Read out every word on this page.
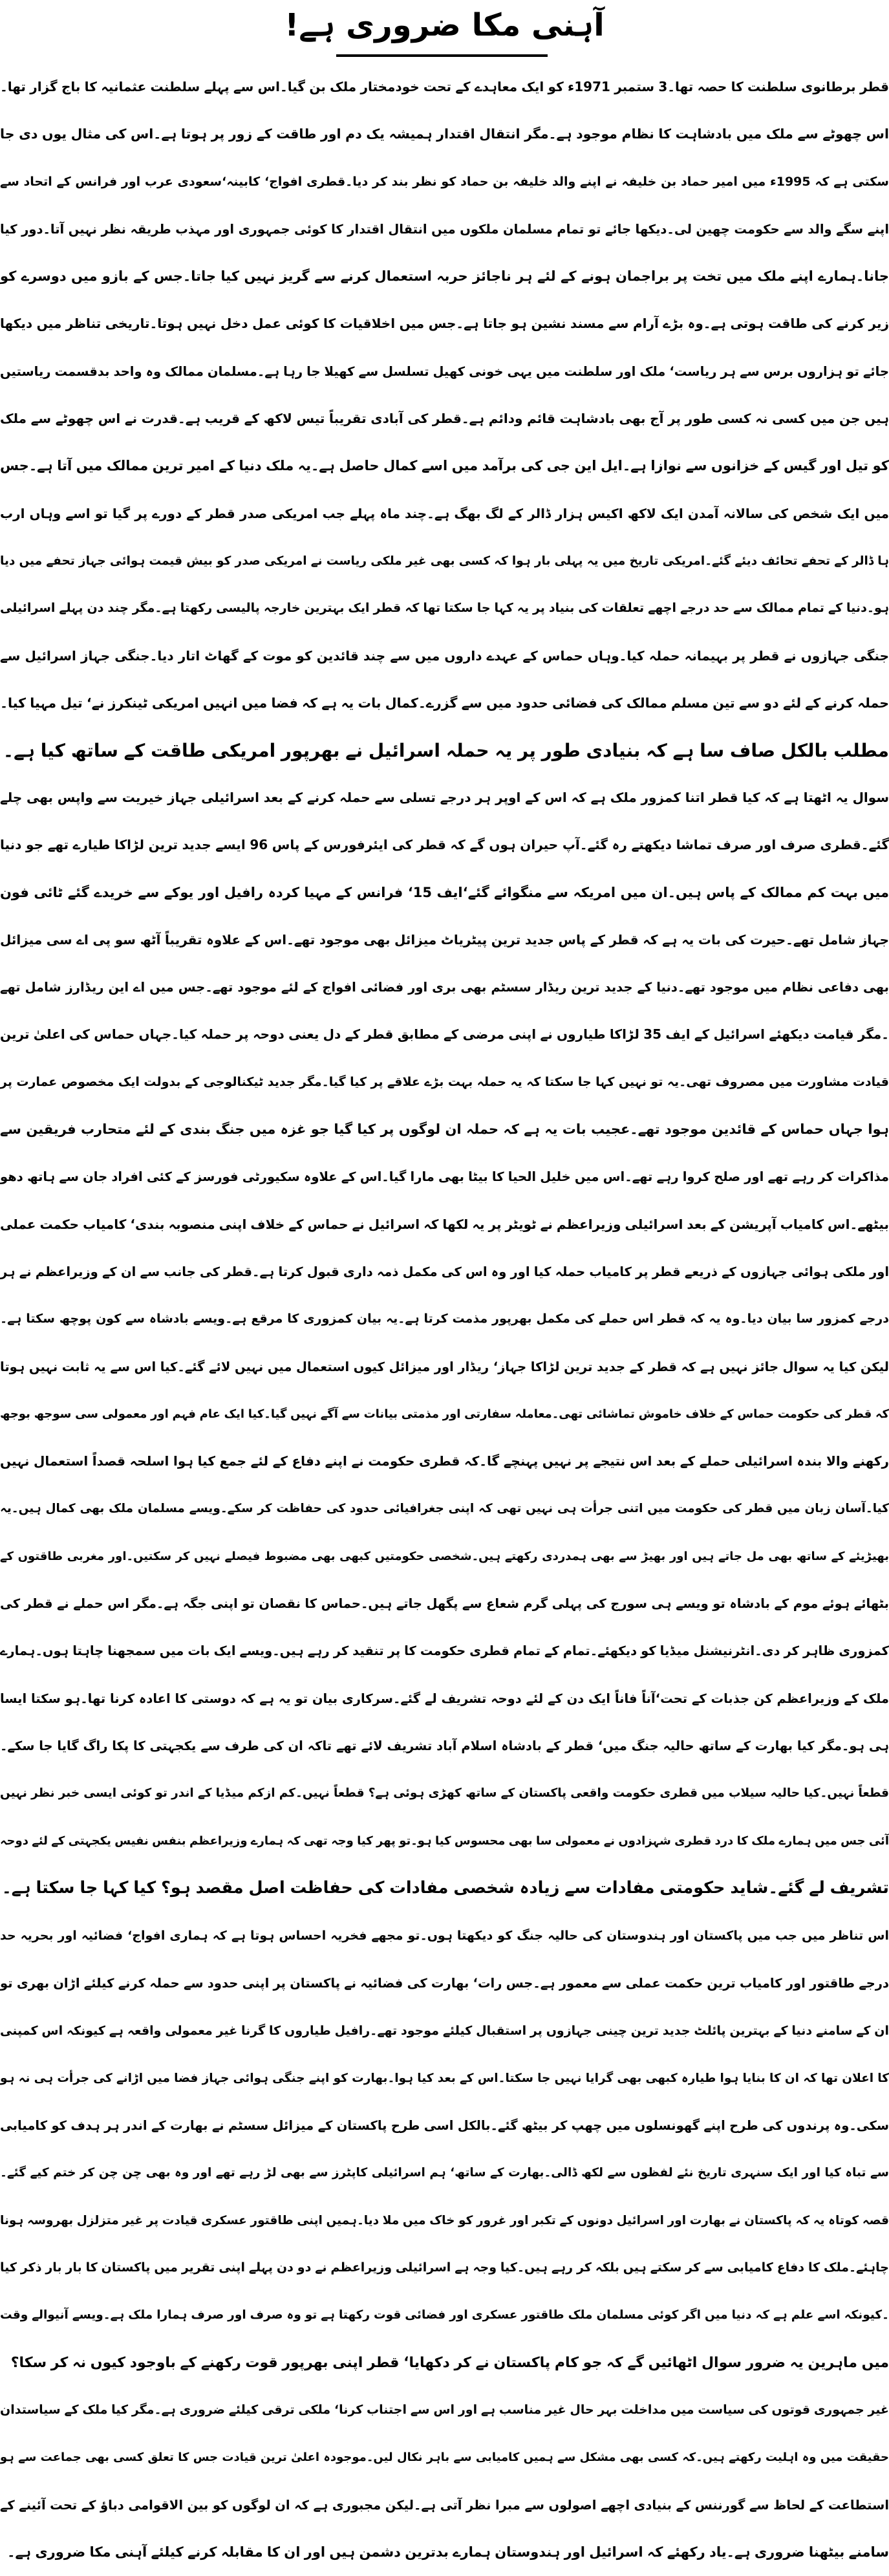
آہنی مکا ضروری ہے!
قطر برطانوی سلطنت کا حصہ تھا۔3 ستمبر 1971ء کو ایک معاہدے کے تحت خودمختار ملک بن گیا۔اس سے پہلے سلطنت عثمانیہ کا باج گزار تھا۔
اس چھوٹے سے ملک میں بادشاہت کا نظام موجود ہے۔مگر انتقال اقتدار ہمیشہ یک دم اور طاقت کے زور پر ہوتا ہے۔اس کی مثال یوں دی جا
سکتی ہے کہ 1995ء میں امیر حماد بن خلیفہ نے اپنے والد خلیفہ بن حماد کو نظر بند کر دیا۔قطری افواج‘ کابینہ‘سعودی عرب اور فرانس کے اتحاد سے
اپنے سگے والد سے حکومت چھین لی۔دیکھا جائے تو تمام مسلمان ملکوں میں انتقال اقتدار کا کوئی جمہوری اور مہذب طریقہ نظر نہیں آتا۔دور کیا
جانا۔ہمارے اپنے ملک میں تخت پر براجمان ہونے کے لئے ہر ناجائز حربہ استعمال کرنے سے گریز نہیں کیا جاتا۔جس کے بازو میں دوسرے کو
زیر کرنے کی طاقت ہوتی ہے۔وہ بڑے آرام سے مسند نشین ہو جاتا ہے۔جس میں اخلاقیات کا کوئی عمل دخل نہیں ہوتا۔تاریخی تناظر میں دیکھا
جائے تو ہزاروں برس سے ہر ریاست‘ ملک اور سلطنت میں یہی خونی کھیل تسلسل سے کھیلا جا رہا ہے۔مسلمان ممالک وہ واحد بدقسمت ریاستیں
ہیں جن میں کسی نہ کسی طور پر آج بھی بادشاہت قائم ودائم ہے۔قطر کی آبادی تقریباً تیس لاکھ کے قریب ہے۔قدرت نے اس چھوٹے سے ملک
کو تیل اور گیس کے خزانوں سے نوازا ہے۔ایل این جی کی برآمد میں اسے کمال حاصل ہے۔یہ ملک دنیا کے امیر ترین ممالک میں آتا ہے۔جس
میں ایک شخص کی سالانہ آمدن ایک لاکھ اکیس ہزار ڈالر کے لگ بھگ ہے۔چند ماہ پہلے جب امریکی صدر قطر کے دورے پر گیا تو اسے وہاں ارب
ہا ڈالر کے تحفے تحائف دیئے گئے۔امریکی تاریخ میں یہ پہلی بار ہوا کہ کسی بھی غیر ملکی ریاست نے امریکی صدر کو بیش قیمت ہوائی جہاز تحفے میں دیا
ہو۔دنیا کے تمام ممالک سے حد درجے اچھے تعلقات کی بنیاد پر یہ کہا جا سکتا تھا کہ قطر ایک بہترین خارجہ پالیسی رکھتا ہے۔مگر چند دن پہلے اسرائیلی
جنگی جہازوں نے قطر پر بہیمانہ حملہ کیا۔وہاں حماس کے عہدے داروں میں سے چند قائدین کو موت کے گھاٹ اتار دیا۔جنگی جہاز اسرائیل سے
حملہ کرنے کے لئے دو سے تین مسلم ممالک کی فضائی حدود میں سے گزرے۔کمال بات یہ ہے کہ فضا میں انہیں امریکی ٹینکرز نے‘ تیل مہیا کیا۔
مطلب بالکل صاف سا ہے کہ بنیادی طور پر یہ حملہ اسرائیل نے بھرپور امریکی طاقت کے ساتھ کیا ہے۔
سوال یہ اٹھتا ہے کہ کیا قطر اتنا کمزور ملک ہے کہ اس کے اوپر ہر درجے تسلی سے حملہ کرنے کے بعد اسرائیلی جہاز خیریت سے واپس بھی چلے
گئے۔قطری صرف اور صرف تماشا دیکھتے رہ گئے۔آپ حیران ہوں گے کہ قطر کی ایئرفورس کے پاس 96 ایسے جدید ترین لڑاکا طیارے تھے جو دنیا
میں بہت کم ممالک کے پاس ہیں۔ان میں امریکہ سے منگوائے گئے‘ایف 15‘ فرانس کے مہیا کردہ رافیل اور یوکے سے خریدے گئے ٹائی فون
جہاز شامل تھے۔حیرت کی بات یہ ہے کہ قطر کے پاس جدید ترین پیٹریاٹ میزائل بھی موجود تھے۔اس کے علاوہ تقریباً آٹھ سو پی اے سی میزائل
بھی دفاعی نظام میں موجود تھے۔دنیا کے جدید ترین ریڈار سسٹم بھی بری اور فضائی افواج کے لئے موجود تھے۔جس میں اے این ریڈارز شامل تھے
۔مگر قیامت دیکھئے اسرائیل کے ایف 35 لڑاکا طیاروں نے اپنی مرضی کے مطابق قطر کے دل یعنی دوحہ پر حملہ کیا۔جہاں حماس کی اعلیٰ ترین
قیادت مشاورت میں مصروف تھی۔یہ تو نہیں کہا جا سکتا کہ یہ حملہ بہت بڑے علاقے پر کیا گیا۔مگر جدید ٹیکنالوجی کے بدولت ایک مخصوص عمارت پر
ہوا جہاں حماس کے قائدین موجود تھے۔عجیب بات یہ ہے کہ حملہ ان لوگوں پر کیا گیا جو غزہ میں جنگ بندی کے لئے متحارب فریقین سے
مذاکرات کر رہے تھے اور صلح کروا رہے تھے۔اس میں خلیل الحیا کا بیٹا بھی مارا گیا۔اس کے علاوہ سکیورٹی فورسز کے کئی افراد جان سے ہاتھ دھو
بیٹھے۔اس کامیاب آپریشن کے بعد اسرائیلی وزیراعظم نے ٹویٹر پر یہ لکھا کہ اسرائیل نے حماس کے خلاف اپنی منصوبہ بندی‘ کامیاب حکمت عملی
اور ملکی ہوائی جہازوں کے ذریعے قطر پر کامیاب حملہ کیا اور وہ اس کی مکمل ذمہ داری قبول کرتا ہے۔قطر کی جانب سے ان کے وزیراعظم نے ہر
درجے کمزور سا بیان دیا۔وہ یہ کہ قطر اس حملے کی مکمل بھرپور مذمت کرتا ہے۔یہ بیان کمزوری کا مرقع ہے۔ویسے بادشاہ سے کون پوچھ سکتا ہے۔
لیکن کیا یہ سوال جائز نہیں ہے کہ قطر کے جدید ترین لڑاکا جہاز‘ ریڈار اور میزائل کیوں استعمال میں نہیں لائے گئے۔کیا اس سے یہ ثابت نہیں ہوتا
کہ قطر کی حکومت حماس کے خلاف خاموش تماشائی تھی۔معاملہ سفارتی اور مذمتی بیانات سے آگے نہیں گیا۔کیا ایک عام فہم اور معمولی سی سوجھ بوجھ
رکھنے والا بندہ اسرائیلی حملے کے بعد اس نتیجے پر نہیں پہنچے گا۔کہ قطری حکومت نے اپنے دفاع کے لئے جمع کیا ہوا اسلحہ قصداً استعمال نہیں
کیا۔آسان زبان میں قطر کی حکومت میں اتنی جرأت ہی نہیں تھی کہ اپنی جغرافیائی حدود کی حفاظت کر سکے۔ویسے مسلمان ملک بھی کمال ہیں۔یہ
بھیڑیئے کے ساتھ بھی مل جاتے ہیں اور بھیڑ سے بھی ہمدردی رکھتے ہیں۔شخصی حکومتیں کبھی بھی مضبوط فیصلے نہیں کر سکتیں۔اور مغربی طاقتوں کے
بٹھائے ہوئے موم کے بادشاہ تو ویسے ہی سورج کی پہلی گرم شعاع سے پگھل جاتے ہیں۔حماس کا نقصان تو اپنی جگہ ہے۔مگر اس حملے نے قطر کی
کمزوری ظاہر کر دی۔انٹرنیشنل میڈیا کو دیکھئے۔تمام کے تمام قطری حکومت کا پر تنقید کر رہے ہیں۔ویسے ایک بات میں سمجھنا چاہتا ہوں۔ہمارے
ملک کے وزیراعظم کن جذبات کے تحت‘آناً فاناً ایک دن کے لئے دوحہ تشریف لے گئے۔سرکاری بیان تو یہ ہے کہ دوستی کا اعادہ کرنا تھا۔ہو سکتا ایسا
ہی ہو۔مگر کیا بھارت کے ساتھ حالیہ جنگ میں‘ قطر کے بادشاہ اسلام آباد تشریف لائے تھے تاکہ ان کی طرف سے یکجہتی کا پکا راگ گایا جا سکے۔
قطعاً نہیں۔کیا حالیہ سیلاب میں قطری حکومت واقعی پاکستان کے ساتھ کھڑی ہوئی ہے؟ قطعاً نہیں۔کم ازکم میڈیا کے اندر تو کوئی ایسی خبر نظر نہیں
آئی جس میں ہمارے ملک کا درد قطری شہزادوں نے معمولی سا بھی محسوس کیا ہو۔تو پھر کیا وجہ تھی کہ ہمارے وزیراعظم بنفس نفیس یکجہتی کے لئے دوحہ
تشریف لے گئے۔شاید حکومتی مفادات سے زیادہ شخصی مفادات کی حفاظت اصل مقصد ہو؟ کیا کہا جا سکتا ہے۔
اس تناظر میں جب میں پاکستان اور ہندوستان کی حالیہ جنگ کو دیکھتا ہوں۔تو مجھے فخریہ احساس ہوتا ہے کہ ہماری افواج‘ فضائیہ اور بحریہ حد
درجے طاقتور اور کامیاب ترین حکمت عملی سے معمور ہے۔جس رات‘ بھارت کی فضائیہ نے پاکستان پر اپنی حدود سے حملہ کرنے کیلئے اڑان بھری تو
ان کے سامنے دنیا کے بہترین پائلٹ جدید ترین چینی جہازوں پر استقبال کیلئے موجود تھے۔رافیل طیاروں کا گرنا غیر معمولی واقعہ ہے کیونکہ اس کمپنی
کا اعلان تھا کہ ان کا بنایا ہوا طیارہ کبھی بھی گرایا نہیں جا سکتا۔اس کے بعد کیا ہوا۔بھارت کو اپنے جنگی ہوائی جہاز فضا میں اڑانے کی جرأت ہی نہ ہو
سکی۔وہ پرندوں کی طرح اپنے گھونسلوں میں چھپ کر بیٹھ گئے۔بالکل اسی طرح پاکستان کے میزائل سسٹم نے بھارت کے اندر ہر ہدف کو کامیابی
سے تباہ کیا اور ایک سنہری تاریخ نئے لفظوں سے لکھ ڈالی۔بھارت کے ساتھ‘ ہم اسرائیلی کاپٹرز سے بھی لڑ رہے تھے اور وہ بھی چن چن کر ختم کیے گئے۔
قصہ کوتاہ یہ کہ پاکستان نے بھارت اور اسرائیل دونوں کے تکبر اور غرور کو خاک میں ملا دیا۔ہمیں اپنی طاقتور عسکری قیادت پر غیر متزلزل بھروسہ ہونا
چاہئے۔ملک کا دفاع کامیابی سے کر سکتے ہیں بلکہ کر رہے ہیں۔کیا وجہ ہے اسرائیلی وزیراعظم نے دو دن پہلے اپنی تقریر میں پاکستان کا بار بار ذکر کیا
۔کیونکہ اسے علم ہے کہ دنیا میں اگر کوئی مسلمان ملک طاقتور عسکری اور فضائی قوت رکھتا ہے تو وہ صرف اور صرف ہمارا ملک ہے۔ویسے آنیوالے وقت
میں ماہرین یہ ضرور سوال اٹھائیں گے کہ جو کام پاکستان نے کر دکھایا‘ قطر اپنی بھرپور قوت رکھنے کے باوجود کیوں نہ کر سکا؟
غیر جمہوری قوتوں کی سیاست میں مداخلت بہر حال غیر مناسب ہے اور اس سے اجتناب کرنا‘ ملکی ترقی کیلئے ضروری ہے۔مگر کیا ملک کے سیاستدان
حقیقت میں وہ اہلیت رکھتے ہیں۔کہ کسی بھی مشکل سے ہمیں کامیابی سے باہر نکال لیں۔موجودہ اعلیٰ ترین قیادت جس کا تعلق کسی بھی جماعت سے ہو
استطاعت کے لحاظ سے گورننس کے بنیادی اچھے اصولوں سے مبرا نظر آتی ہے۔لیکن مجبوری ہے کہ ان لوگوں کو بین الاقوامی دباؤ کے تحت آئینے کے
سامنے بیٹھنا ضروری ہے۔یاد رکھئے کہ اسرائیل اور ہندوستان ہمارے بدترین دشمن ہیں اور ان کا مقابلہ کرنے کیلئے آہنی مکا ضروری ہے۔
